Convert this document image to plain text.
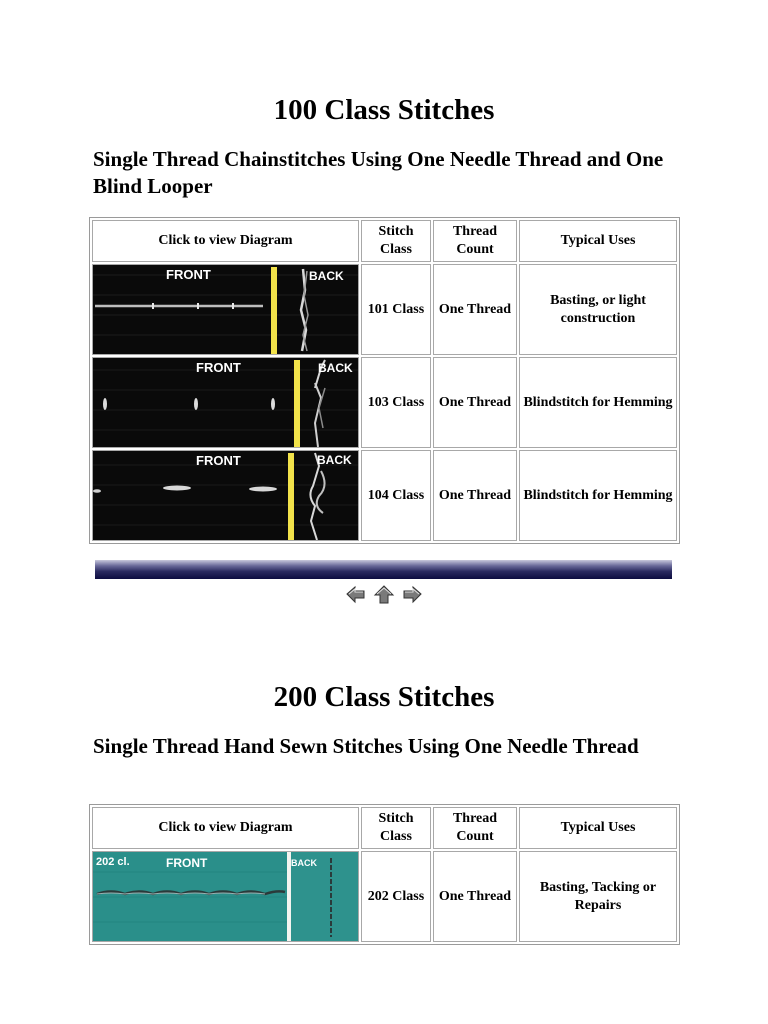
100 Class Stitches
Single Thread Chainstitches Using One Needle Thread and One Blind Looper
Click to view Diagram	Stitch Class	Thread Count	Typical Uses

FRONT BACK	101 Class	One Thread	Basting, or light construction

FRONT BACK	103 Class	One Thread	Blindstitch for Hemming

FRONT BACK	104 Class	One Thread	Blindstitch for Hemming
200 Class Stitches
Single Thread Hand Sewn Stitches Using One Needle Thread
Click to view Diagram	Stitch Class	Thread Count	Typical Uses

202 cl. FRONT BACK	202 Class	One Thread	Basting, Tacking or Repairs
